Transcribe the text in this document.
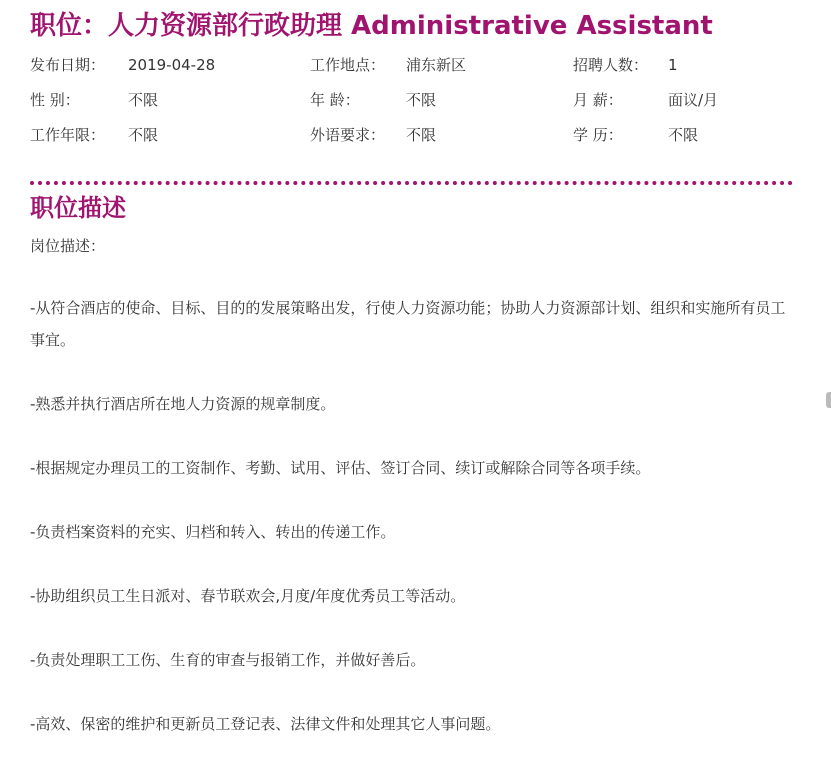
职位：人力资源部行政助理 Administrative Assistant
发布日期： 2019-04-28	工作地点： 浦东新区	招聘人数： 1
性 别：	不限	年 龄：	不限	月 薪：	面议/月
工作年限： 不限	外语要求： 不限	学 历：	不限
职位描述
岗位描述：
-从符合酒店的使命、目标、目的的发展策略出发，行使人力资源功能；协助人力资源部计划、组织和实施所有员工事宜。
-熟悉并执行酒店所在地人力资源的规章制度。
-根据规定办理员工的工资制作、考勤、试用、评估、签订合同、续订或解除合同等各项手续。
-负责档案资料的充实、归档和转入、转出的传递工作。
-协助组织员工生日派对、春节联欢会,月度/年度优秀员工等活动。
-负责处理职工工伤、生育的审查与报销工作，并做好善后。
-高效、保密的维护和更新员工登记表、法律文件和处理其它人事问题。
